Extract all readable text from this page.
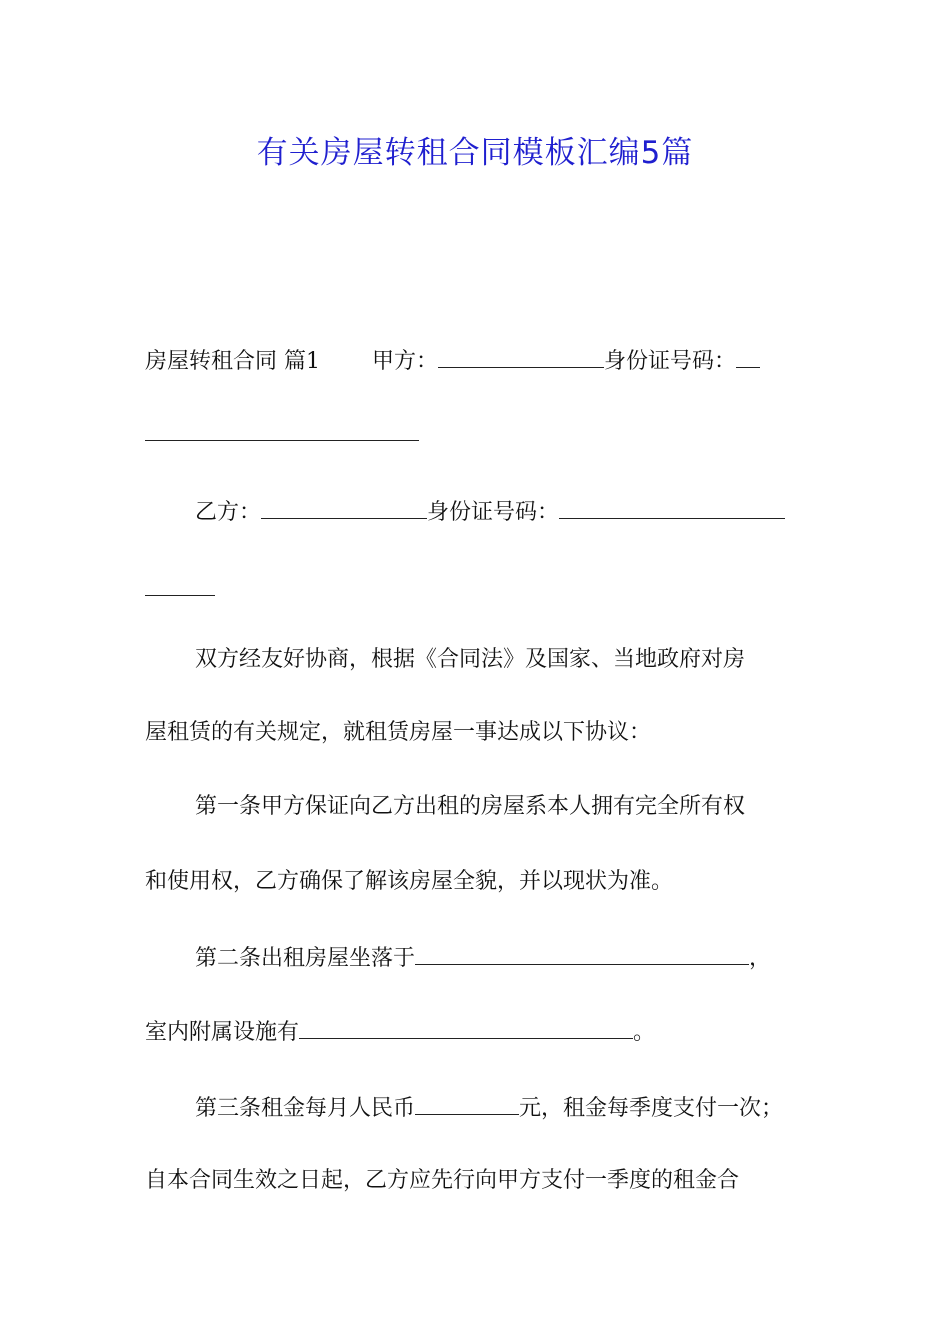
有关房屋转租合同模板汇编5篇
房屋转租合同 篇1 甲方：	身份证号码：
乙方：	身份证号码：
双方经友好协商，根据《合同法》及国家、当地政府对房
屋租赁的有关规定，就租赁房屋一事达成以下协议：
第一条甲方保证向乙方出租的房屋系本人拥有完全所有权
和使用权，乙方确保了解该房屋全貌，并以现状为准。
第二条出租房屋坐落于	，
室内附属设施有	。
第三条租金每月人民币	元，租金每季度支付一次；
自本合同生效之日起，乙方应先行向甲方支付一季度的租金合
